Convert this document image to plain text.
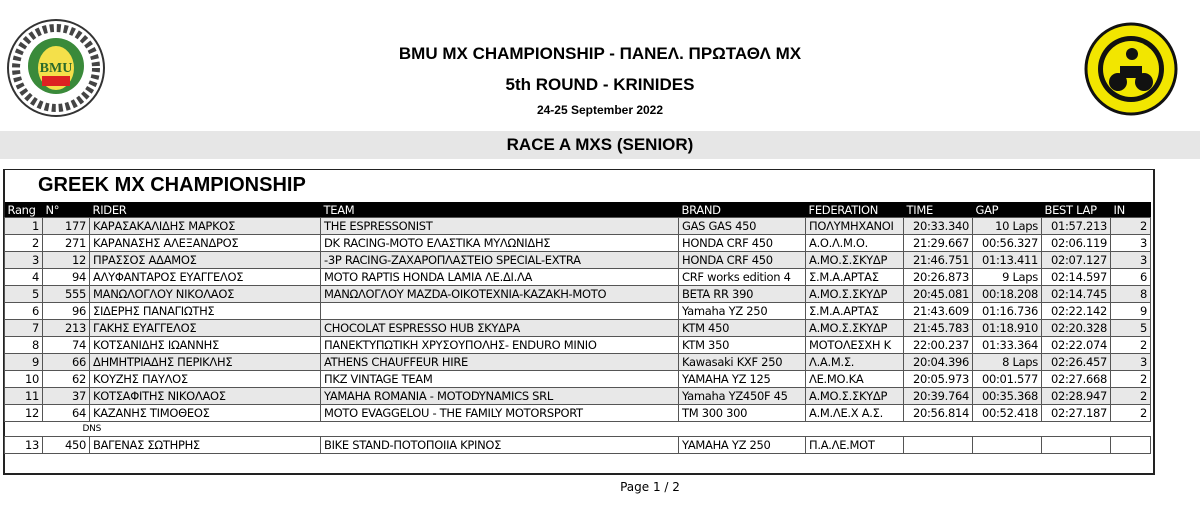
BMU
BMU MX CHAMPIONSHIP - ΠΑΝΕΛ. ΠΡΩΤΑΘΛ MX
5th ROUND - KRINIDES
24-25 September 2022
RACE A MXS (SENIOR)
GREEK MX CHAMPIONSHIP
Rang	N°	RIDER	TEAM	BRAND	FEDERATION	TIME	GAP	BEST LAP	IN
1	177	ΚΑΡΑΣΑΚΑΛΙΔΗΣ ΜΑΡΚΟΣ	THE ESPRESSONIST	GAS GAS 450	ΠΟΛΥΜΗΧΑΝΟΙ	20:33.340	10 Laps	01:57.213	2
2	271	ΚΑΡΑΝΑΣΗΣ ΑΛΕΞΑΝΔΡΟΣ	DK RACING-MOTO ΕΛΑΣΤΙΚΑ ΜΥΛΩΝΙΔΗΣ	HONDA CRF 450	Α.Ο.Λ.Μ.Ο.	21:29.667	00:56.327	02:06.119	3
3	12	ΠΡΑΣΣΟΣ ΑΔΑΜΟΣ	-3P RACING-ΖΑΧΑΡΟΠΛΑΣΤΕΙΟ SPECIAL-EXTRA	HONDA CRF 450	Α.ΜΟ.Σ.ΣΚΥΔΡ	21:46.751	01:13.411	02:07.127	3
4	94	ΑΛΥΦΑΝΤΑΡΟΣ ΕΥΑΓΓΕΛΟΣ	MOTO RAPTIS HONDA LAMIA ΛΕ.ΔΙ.ΛΑ	CRF works edition 4	Σ.Μ.Α.ΑΡΤΑΣ	20:26.873	9 Laps	02:14.597	6
5	555	ΜΑΝΩΛΟΓΛΟΥ ΝΙΚΟΛΑΟΣ	ΜΑΝΩΛΟΓΛΟΥ MAZDA-ΟΙΚΟΤΕΧΝΙΑ-ΚΑΖΑΚΗ-ΜΟΤΟ	BETA RR 390	Α.ΜΟ.Σ.ΣΚΥΔΡ	20:45.081	00:18.208	02:14.745	8
6	96	ΣΙΔΕΡΗΣ ΠΑΝΑΓΙΩΤΗΣ		Yamaha YZ 250	Σ.Μ.Α.ΑΡΤΑΣ	21:43.609	01:16.736	02:22.142	9
7	213	ΓΑΚΗΣ ΕΥΑΓΓΕΛΟΣ	CHOCOLAT ESPRESSO HUB ΣΚΥΔΡΑ	KTM 450	Α.ΜΟ.Σ.ΣΚΥΔΡ	21:45.783	01:18.910	02:20.328	5
8	74	ΚΟΤΣΑΝΙΔΗΣ ΙΩΑΝΝΗΣ	ΠΑΝΕΚΤΥΠΩΤΙΚΗ ΧΡΥΣΟΥΠΟΛΗΣ- ENDURO MINIO	KTM 350	ΜΟΤΟΛΕΣΧΗ Κ	22:00.237	01:33.364	02:22.074	2
9	66	ΔΗΜΗΤΡΙΑΔΗΣ ΠΕΡΙΚΛΗΣ	ATHENS CHAUFFEUR HIRE	Kawasaki KXF 250	Λ.Α.Μ.Σ.	20:04.396	8 Laps	02:26.457	3
10	62	ΚΟΥΖΗΣ ΠΑΥΛΟΣ	ΠΚΖ VINTAGE TEAM	YAMAHA YZ 125	ΛΕ.ΜΟ.ΚΑ	20:05.973	00:01.577	02:27.668	2
11	37	ΚΟΤΣΑΦΙΤΗΣ ΝΙΚΟΛΑΟΣ	YAMAHA ROMANIA - MOTODYNAMICS SRL	Yamaha YZ450F 45	Α.ΜΟ.Σ.ΣΚΥΔΡ	20:39.764	00:35.368	02:28.947	2
12	64	ΚΑΖΑΝΗΣ ΤΙΜΟΘΕΟΣ	MOTO EVAGGELOU - THE FAMILY MOTORSPORT	TM 300 300	Α.Μ.ΛΕ.Χ Α.Σ.	20:56.814	00:52.418	02:27.187	2
DNS									
13	450	ΒΑΓΕΝΑΣ ΣΩΤΗΡΗΣ	BIKE STAND-ΠΟΤΟΠΟΙΙΑ ΚΡΙΝΟΣ	YAMAHA YZ 250	Π.Α.ΛΕ.ΜΟΤ				
Page 1 / 2
